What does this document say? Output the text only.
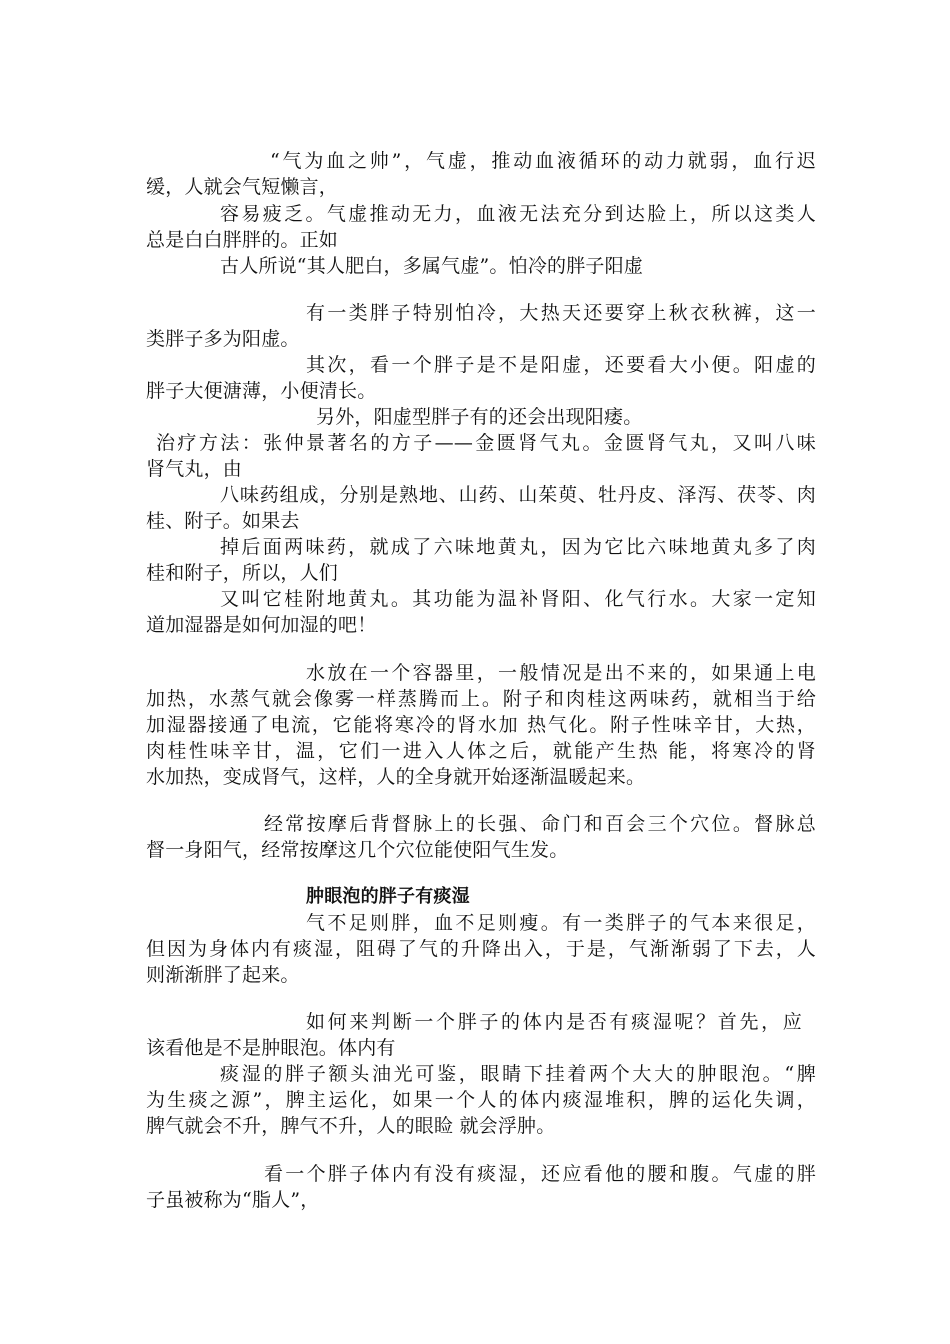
“气为血之帅”，气虚，推动血液循环的动力就弱，血行迟
缓，人就会气短懒言，
容易疲乏。气虚推动无力，血液无法充分到达脸上，所以这类人
总是白白胖胖的。正如
古人所说“其人肥白，多属气虚”。怕冷的胖子阳虚
有一类胖子特别怕冷，大热天还要穿上秋衣秋裤，这一
类胖子多为阳虚。
其次，看一个胖子是不是阳虚，还要看大小便。阳虚的
胖子大便溏薄，小便清长。
另外，阳虚型胖子有的还会出现阳痿。
治疗方法：张仲景著名的方子——金匮肾气丸。金匮肾气丸，又叫八味
肾气丸，由
八味药组成，分别是熟地、山药、山茱萸、牡丹皮、泽泻、茯苓、肉
桂、附子。如果去
掉后面两味药，就成了六味地黄丸，因为它比六味地黄丸多了肉
桂和附子，所以，人们
又叫它桂附地黄丸。其功能为温补肾阳、化气行水。大家一定知
道加湿器是如何加湿的吧！
水放在一个容器里，一般情况是出不来的，如果通上电
加热，水蒸气就会像雾一样蒸腾而上。附子和肉桂这两味药，就相当于给
加湿器接通了电流，它能将寒冷的肾水加 热气化。附子性味辛甘，大热，
肉桂性味辛甘，温，它们一进入人体之后，就能产生热 能，将寒冷的肾
水加热，变成肾气，这样，人的全身就开始逐渐温暖起来。
经常按摩后背督脉上的长强、命门和百会三个穴位。督脉总
督一身阳气，经常按摩这几个穴位能使阳气生发。
肿眼泡的胖子有痰湿
气不足则胖，血不足则瘦。有一类胖子的气本来很足，
但因为身体内有痰湿，阻碍了气的升降出入，于是，气渐渐弱了下去，人
则渐渐胖了起来。
如何来判断一个胖子的体内是否有痰湿呢？首先，应
该看他是不是肿眼泡。体内有
痰湿的胖子额头油光可鉴，眼睛下挂着两个大大的肿眼泡。“脾
为生痰之源”，脾主运化，如果一个人的体内痰湿堆积，脾的运化失调，
脾气就会不升，脾气不升，人的眼睑 就会浮肿。
看一个胖子体内有没有痰湿，还应看他的腰和腹。气虚的胖
子虽被称为“脂人”，
